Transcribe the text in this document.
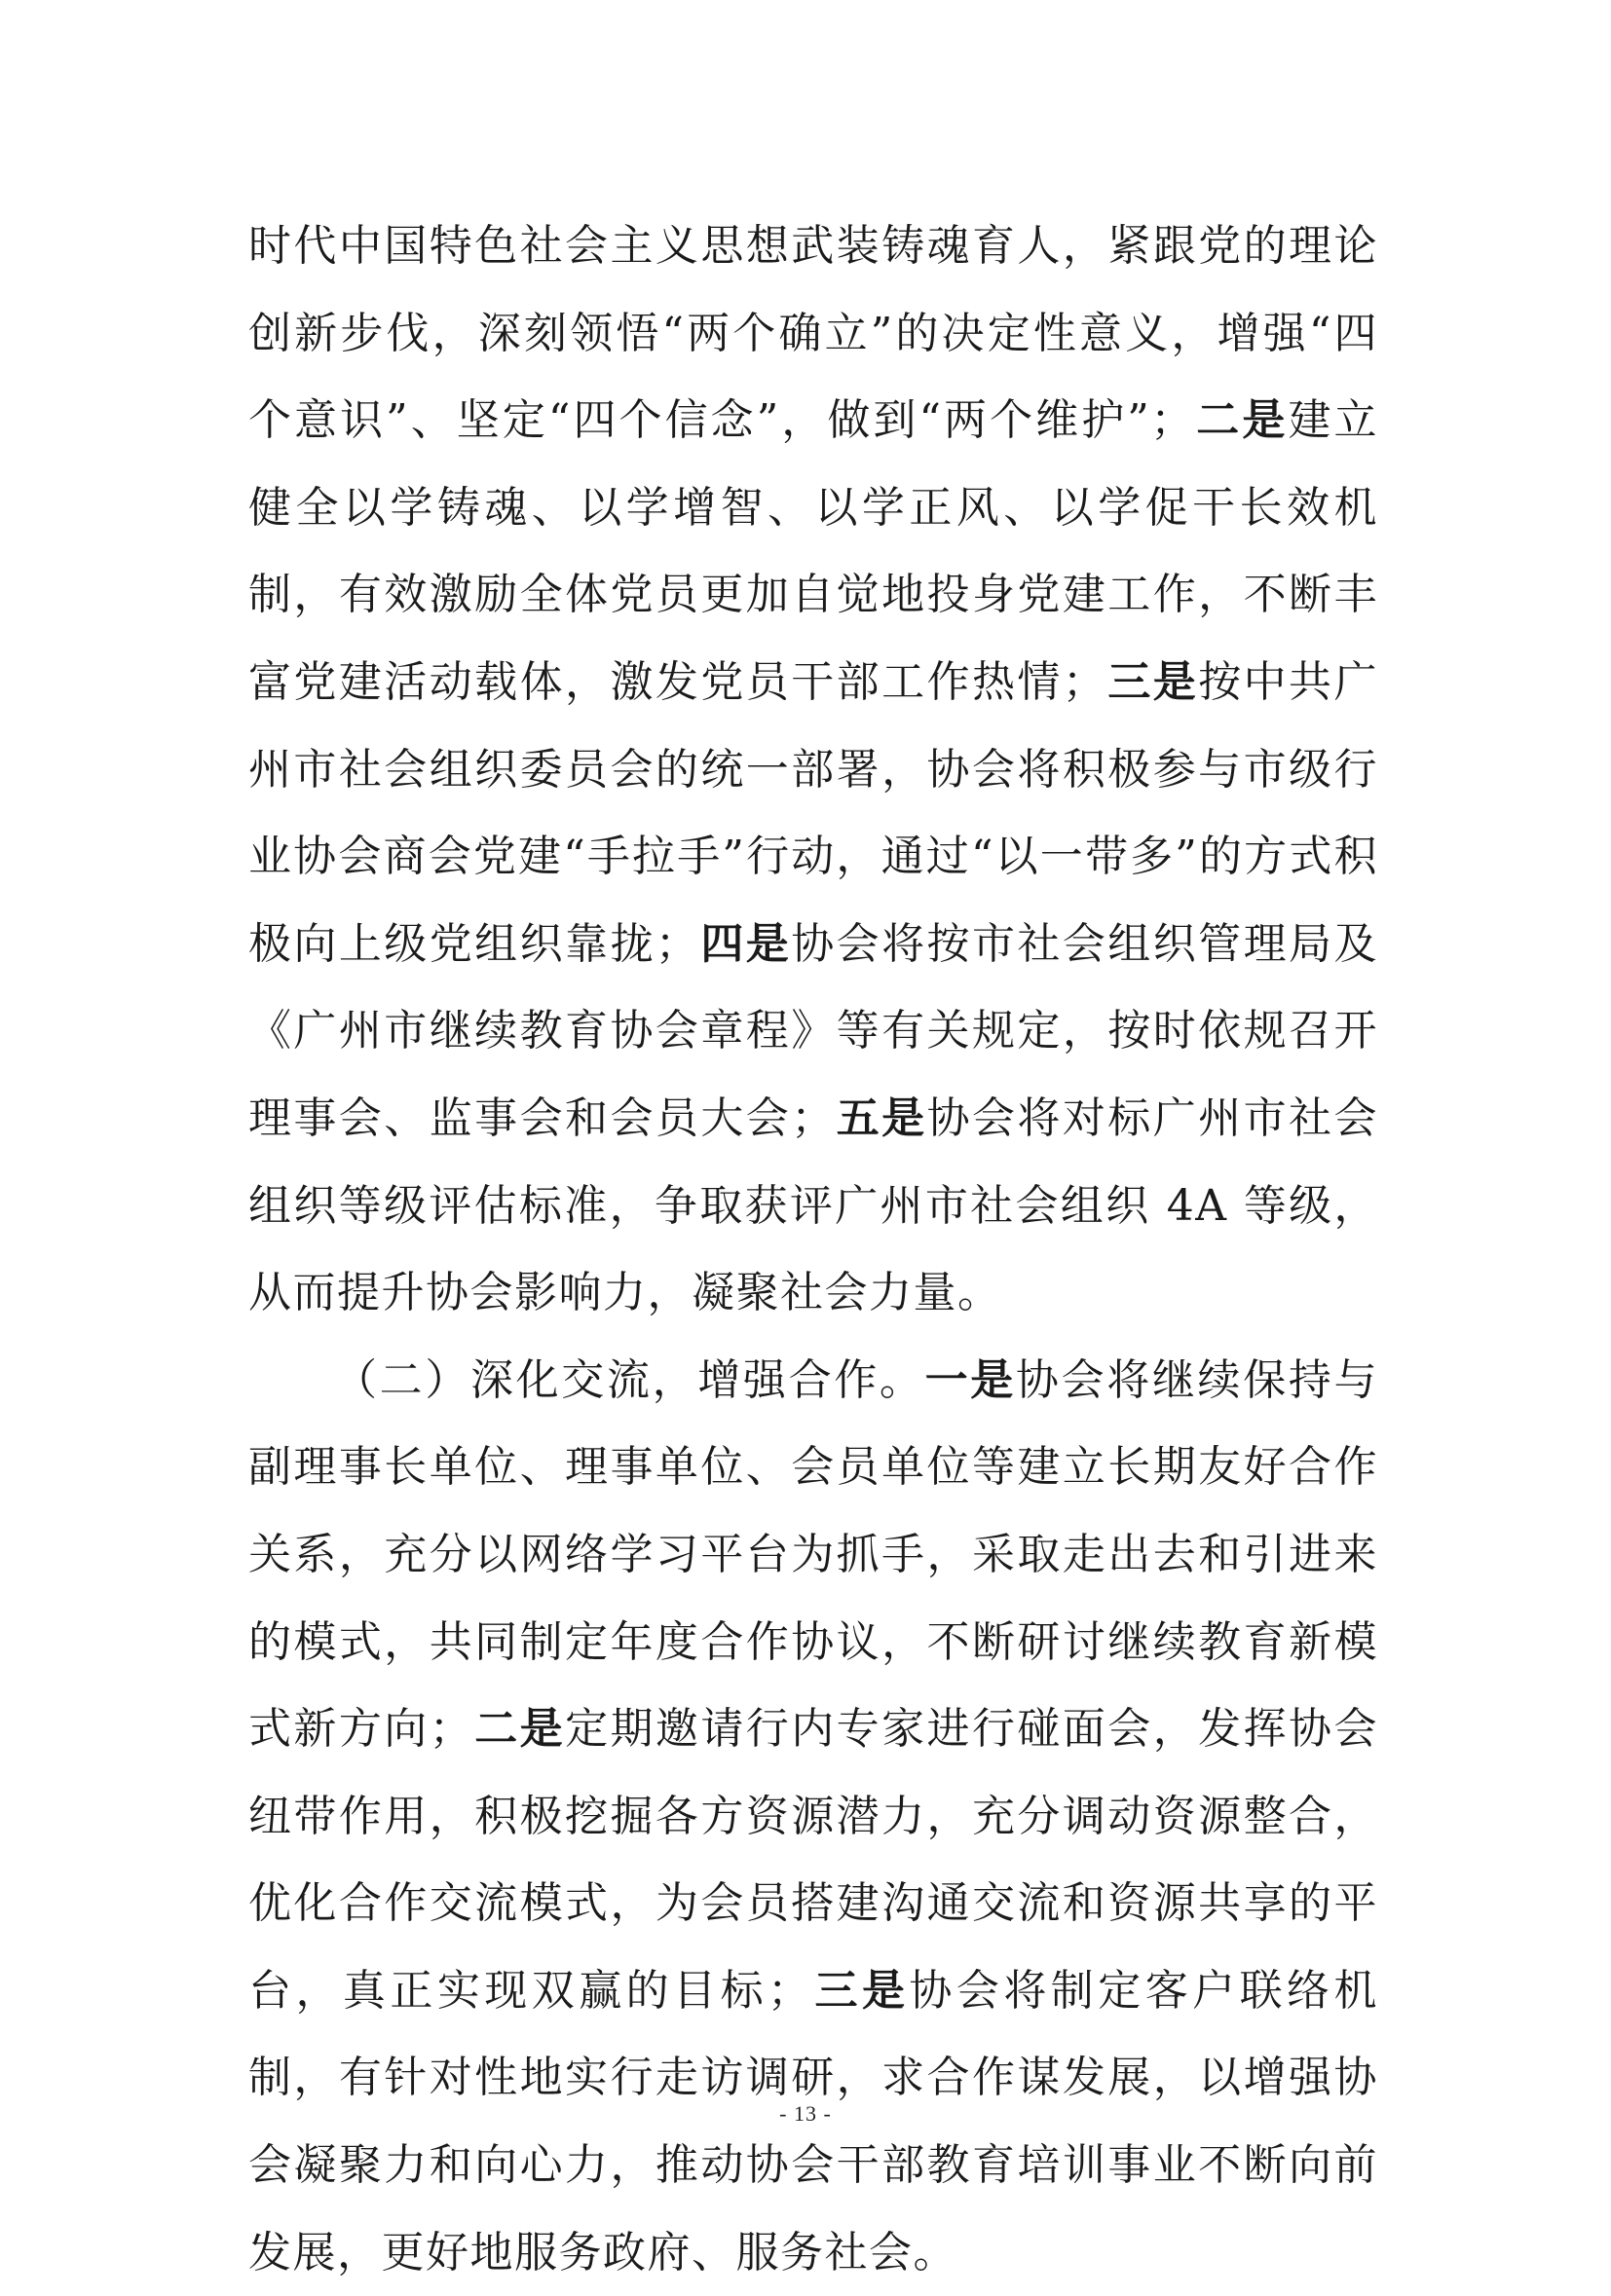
时代中国特色社会主义思想武装铸魂育人，紧跟党的理论创新步伐，深刻领悟“两个确立”的决定性意义，增强“四个意识”、坚定“四个信念”，做到“两个维护”；二是建立健全以学铸魂、以学增智、以学正风、以学促干长效机制，有效激励全体党员更加自觉地投身党建工作，不断丰富党建活动载体，激发党员干部工作热情；三是按中共广州市社会组织委员会的统一部署，协会将积极参与市级行业协会商会党建“手拉手”行动，通过“以一带多”的方式积极向上级党组织靠拢；四是协会将按市社会组织管理局及《广州市继续教育协会章程》等有关规定，按时依规召开理事会、监事会和会员大会；五是协会将对标广州市社会组织等级评估标准，争取获评广州市社会组织 4A 等级，从而提升协会影响力，凝聚社会力量。

（二）深化交流，增强合作。一是协会将继续保持与副理事长单位、理事单位、会员单位等建立长期友好合作关系，充分以网络学习平台为抓手，采取走出去和引进来的模式，共同制定年度合作协议，不断研讨继续教育新模式新方向；二是定期邀请行内专家进行碰面会，发挥协会纽带作用，积极挖掘各方资源潜力，充分调动资源整合，优化合作交流模式，为会员搭建沟通交流和资源共享的平台，真正实现双赢的目标；三是协会将制定客户联络机制，有针对性地实行走访调研，求合作谋发展，以增强协会凝聚力和向心力，推动协会干部教育培训事业不断向前发展，更好地服务政府、服务社会。

- 13 -
